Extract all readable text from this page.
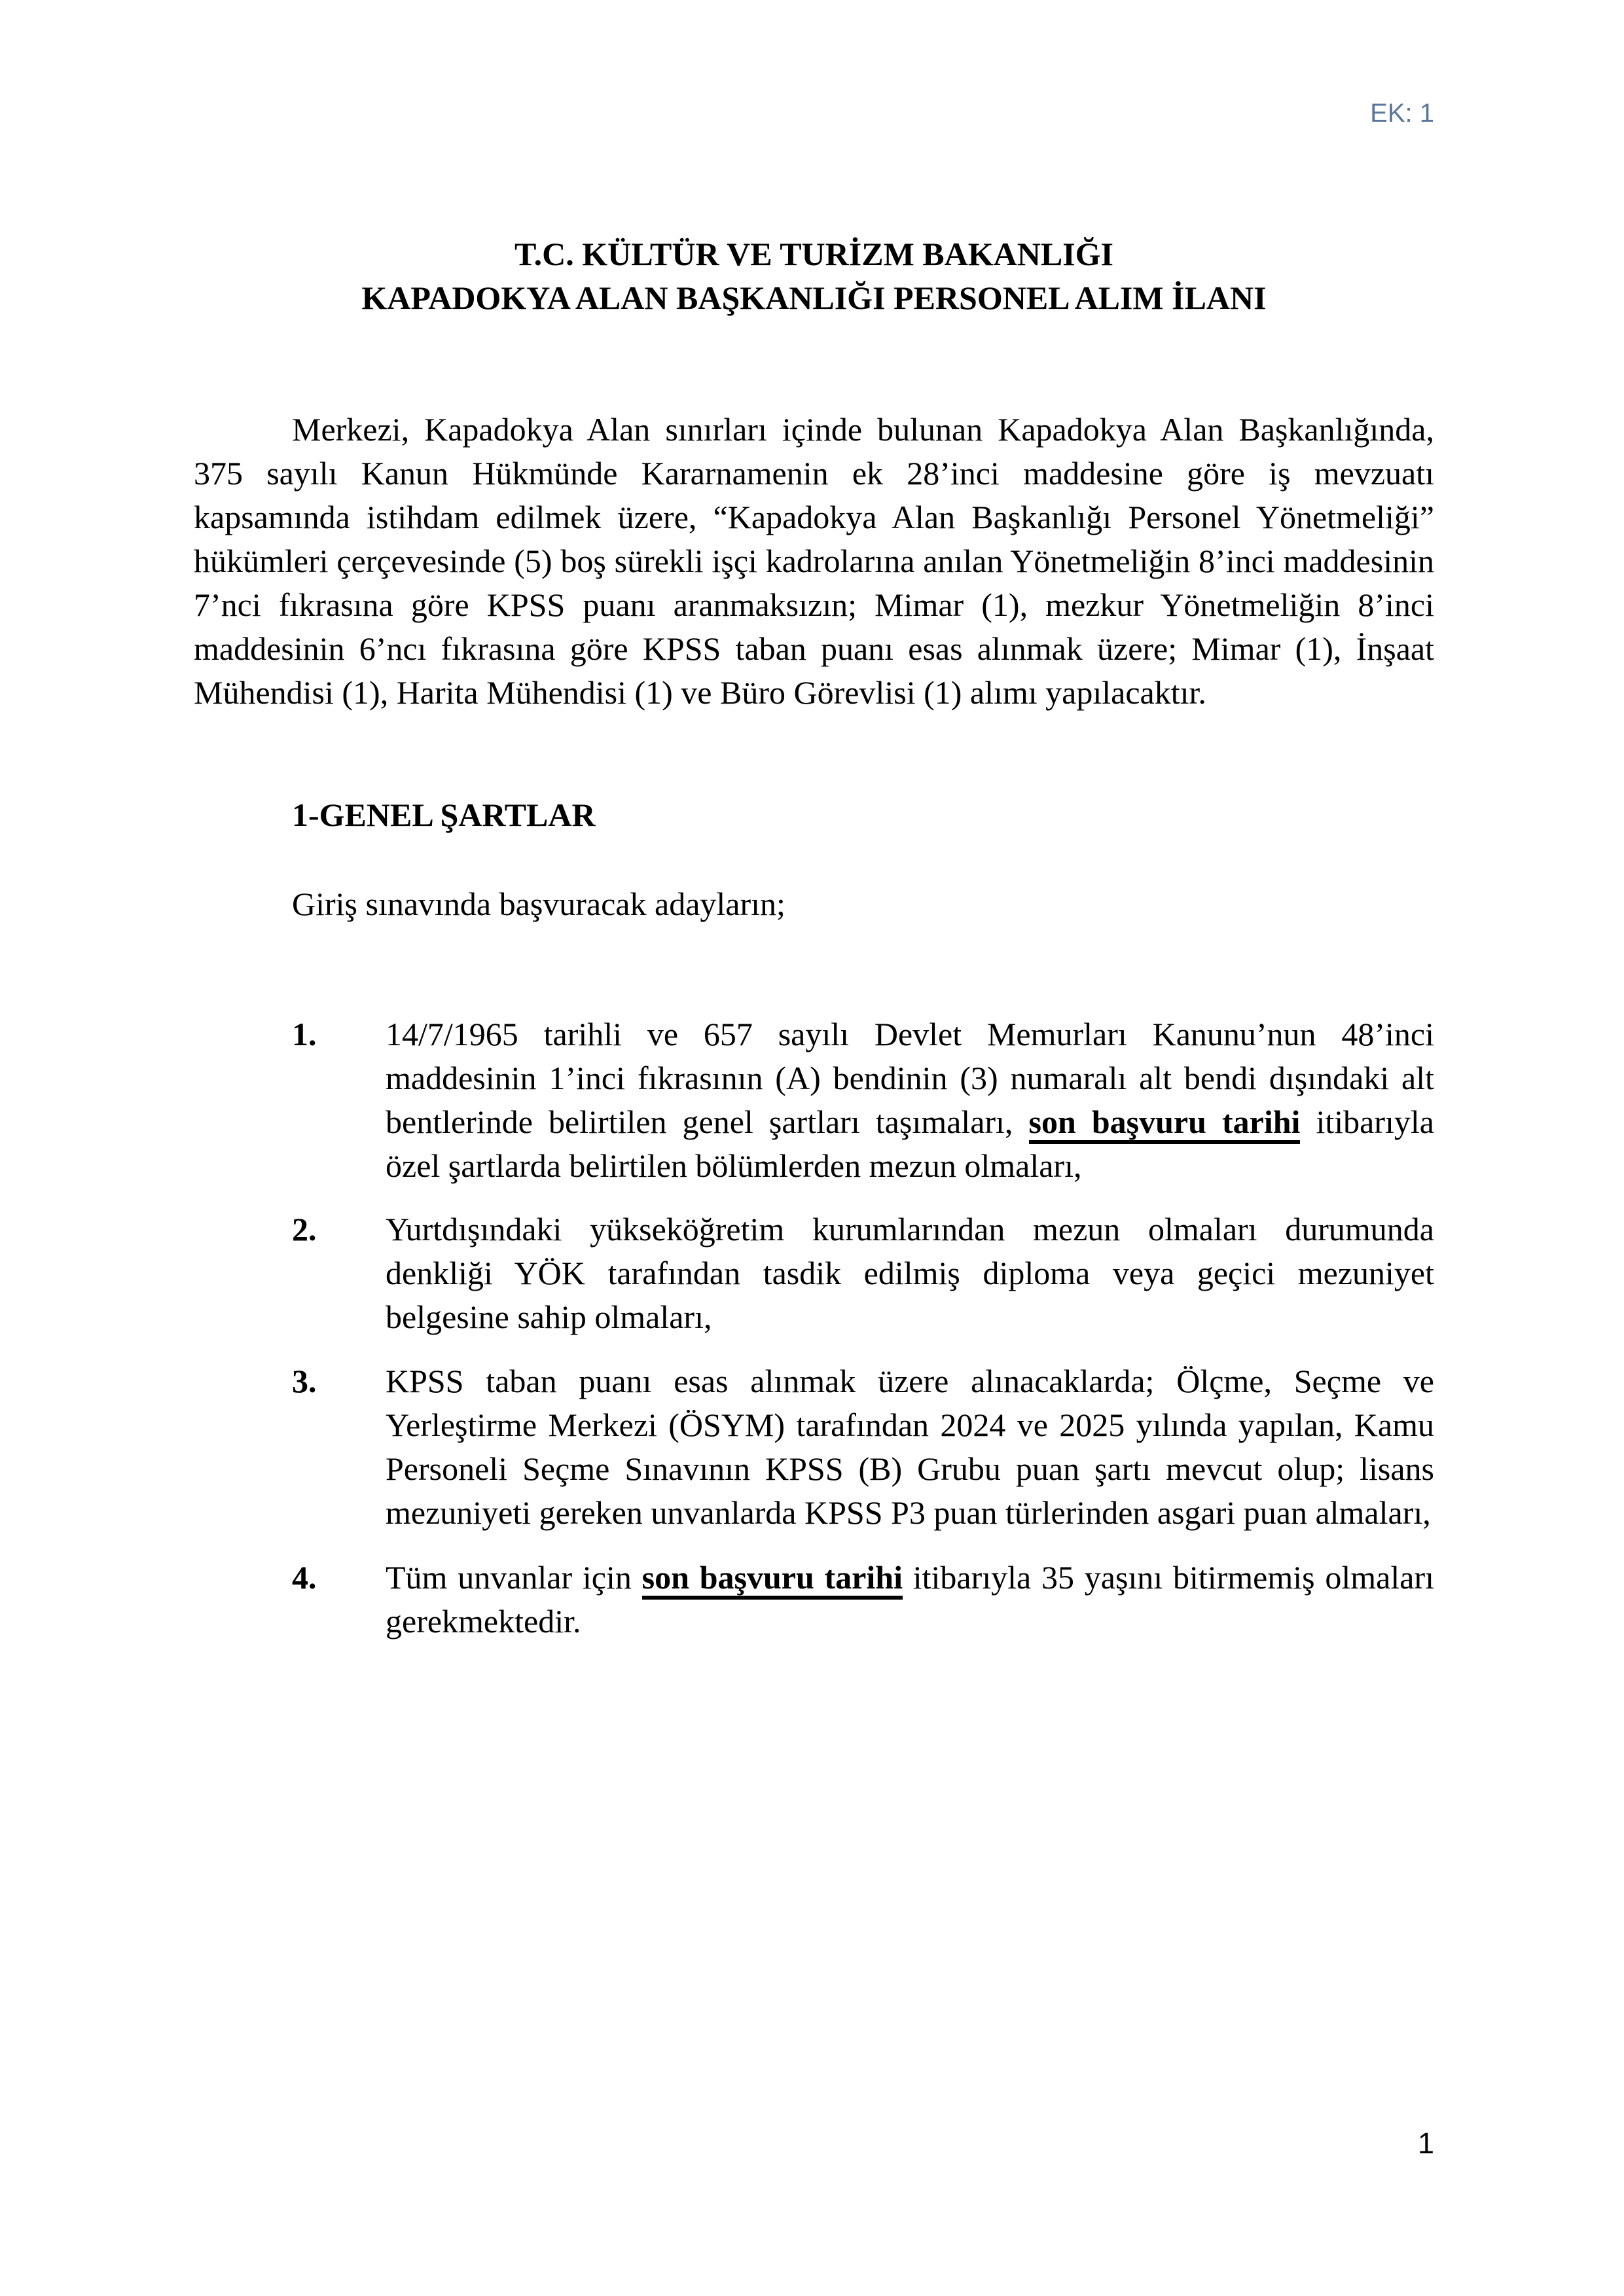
EK: 1
T.C. KÜLTÜR VE TURİZM BAKANLIĞI
KAPADOKYA ALAN BAŞKANLIĞI PERSONEL ALIM İLANI
Merkezi, Kapadokya Alan sınırları içinde bulunan Kapadokya Alan Başkanlığında, 375 sayılı Kanun Hükmünde Kararnamenin ek 28’inci maddesine göre iş mevzuatı kapsamında istihdam edilmek üzere, “Kapadokya Alan Başkanlığı Personel Yönetmeliği” hükümleri çerçevesinde (5) boş sürekli işçi kadrolarına anılan Yönetmeliğin 8’inci maddesinin 7’nci fıkrasına göre KPSS puanı aranmaksızın; Mimar (1), mezkur Yönetmeliğin 8’inci maddesinin 6’ncı fıkrasına göre KPSS taban puanı esas alınmak üzere; Mimar (1), İnşaat Mühendisi (1), Harita Mühendisi (1) ve Büro Görevlisi (1) alımı yapılacaktır.
1-GENEL ŞARTLAR
Giriş sınavında başvuracak adayların;
1. 14/7/1965 tarihli ve 657 sayılı Devlet Memurları Kanunu’nun 48’inci maddesinin 1’inci fıkrasının (A) bendinin (3) numaralı alt bendi dışındaki alt bentlerinde belirtilen genel şartları taşımaları, son başvuru tarihi itibarıyla özel şartlarda belirtilen bölümlerden mezun olmaları,
2. Yurtdışındaki yükseköğretim kurumlarından mezun olmaları durumunda denkliği YÖK tarafından tasdik edilmiş diploma veya geçici mezuniyet belgesine sahip olmaları,
3. KPSS taban puanı esas alınmak üzere alınacaklarda; Ölçme, Seçme ve Yerleştirme Merkezi (ÖSYM) tarafından 2024 ve 2025 yılında yapılan, Kamu Personeli Seçme Sınavının KPSS (B) Grubu puan şartı mevcut olup; lisans mezuniyeti gereken unvanlarda KPSS P3 puan türlerinden asgari puan almaları,
4. Tüm unvanlar için son başvuru tarihi itibarıyla 35 yaşını bitirmemiş olmaları gerekmektedir.
1
